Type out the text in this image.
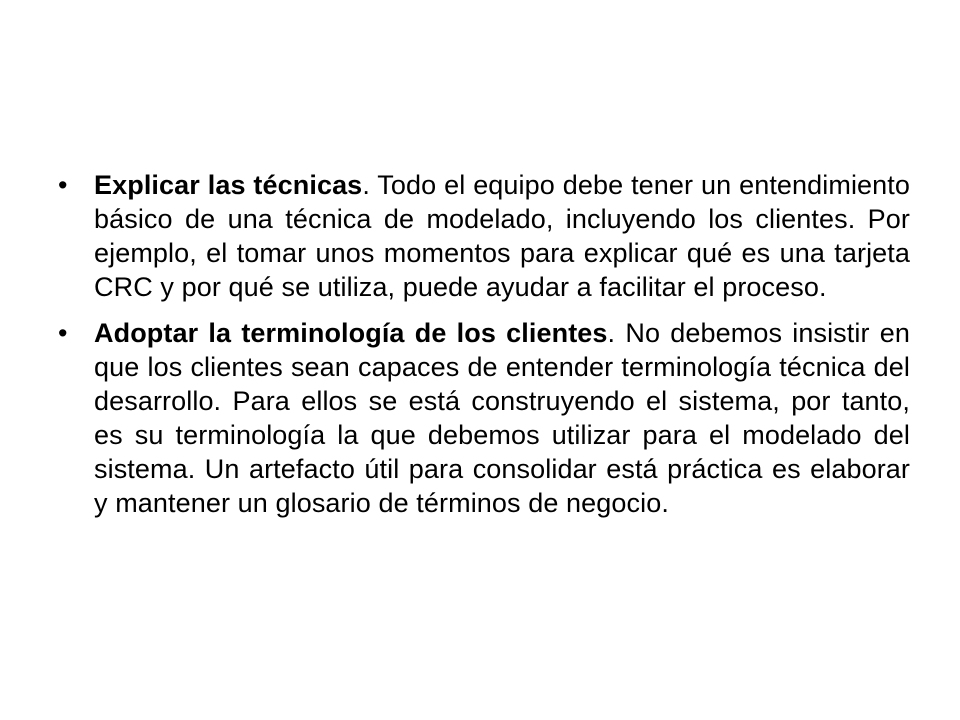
• Explicar las técnicas. Todo el equipo debe tener un entendimiento básico de una técnica de modelado, incluyendo los clientes. Por ejemplo, el tomar unos momentos para explicar qué es una tarjeta CRC y por qué se utiliza, puede ayudar a facilitar el proceso.
• Adoptar la terminología de los clientes. No debemos insistir en que los clientes sean capaces de entender terminología técnica del desarrollo. Para ellos se está construyendo el sistema, por tanto, es su terminología la que debemos utilizar para el modelado del sistema. Un artefacto útil para consolidar está práctica es elaborar y mantener un glosario de términos de negocio.
